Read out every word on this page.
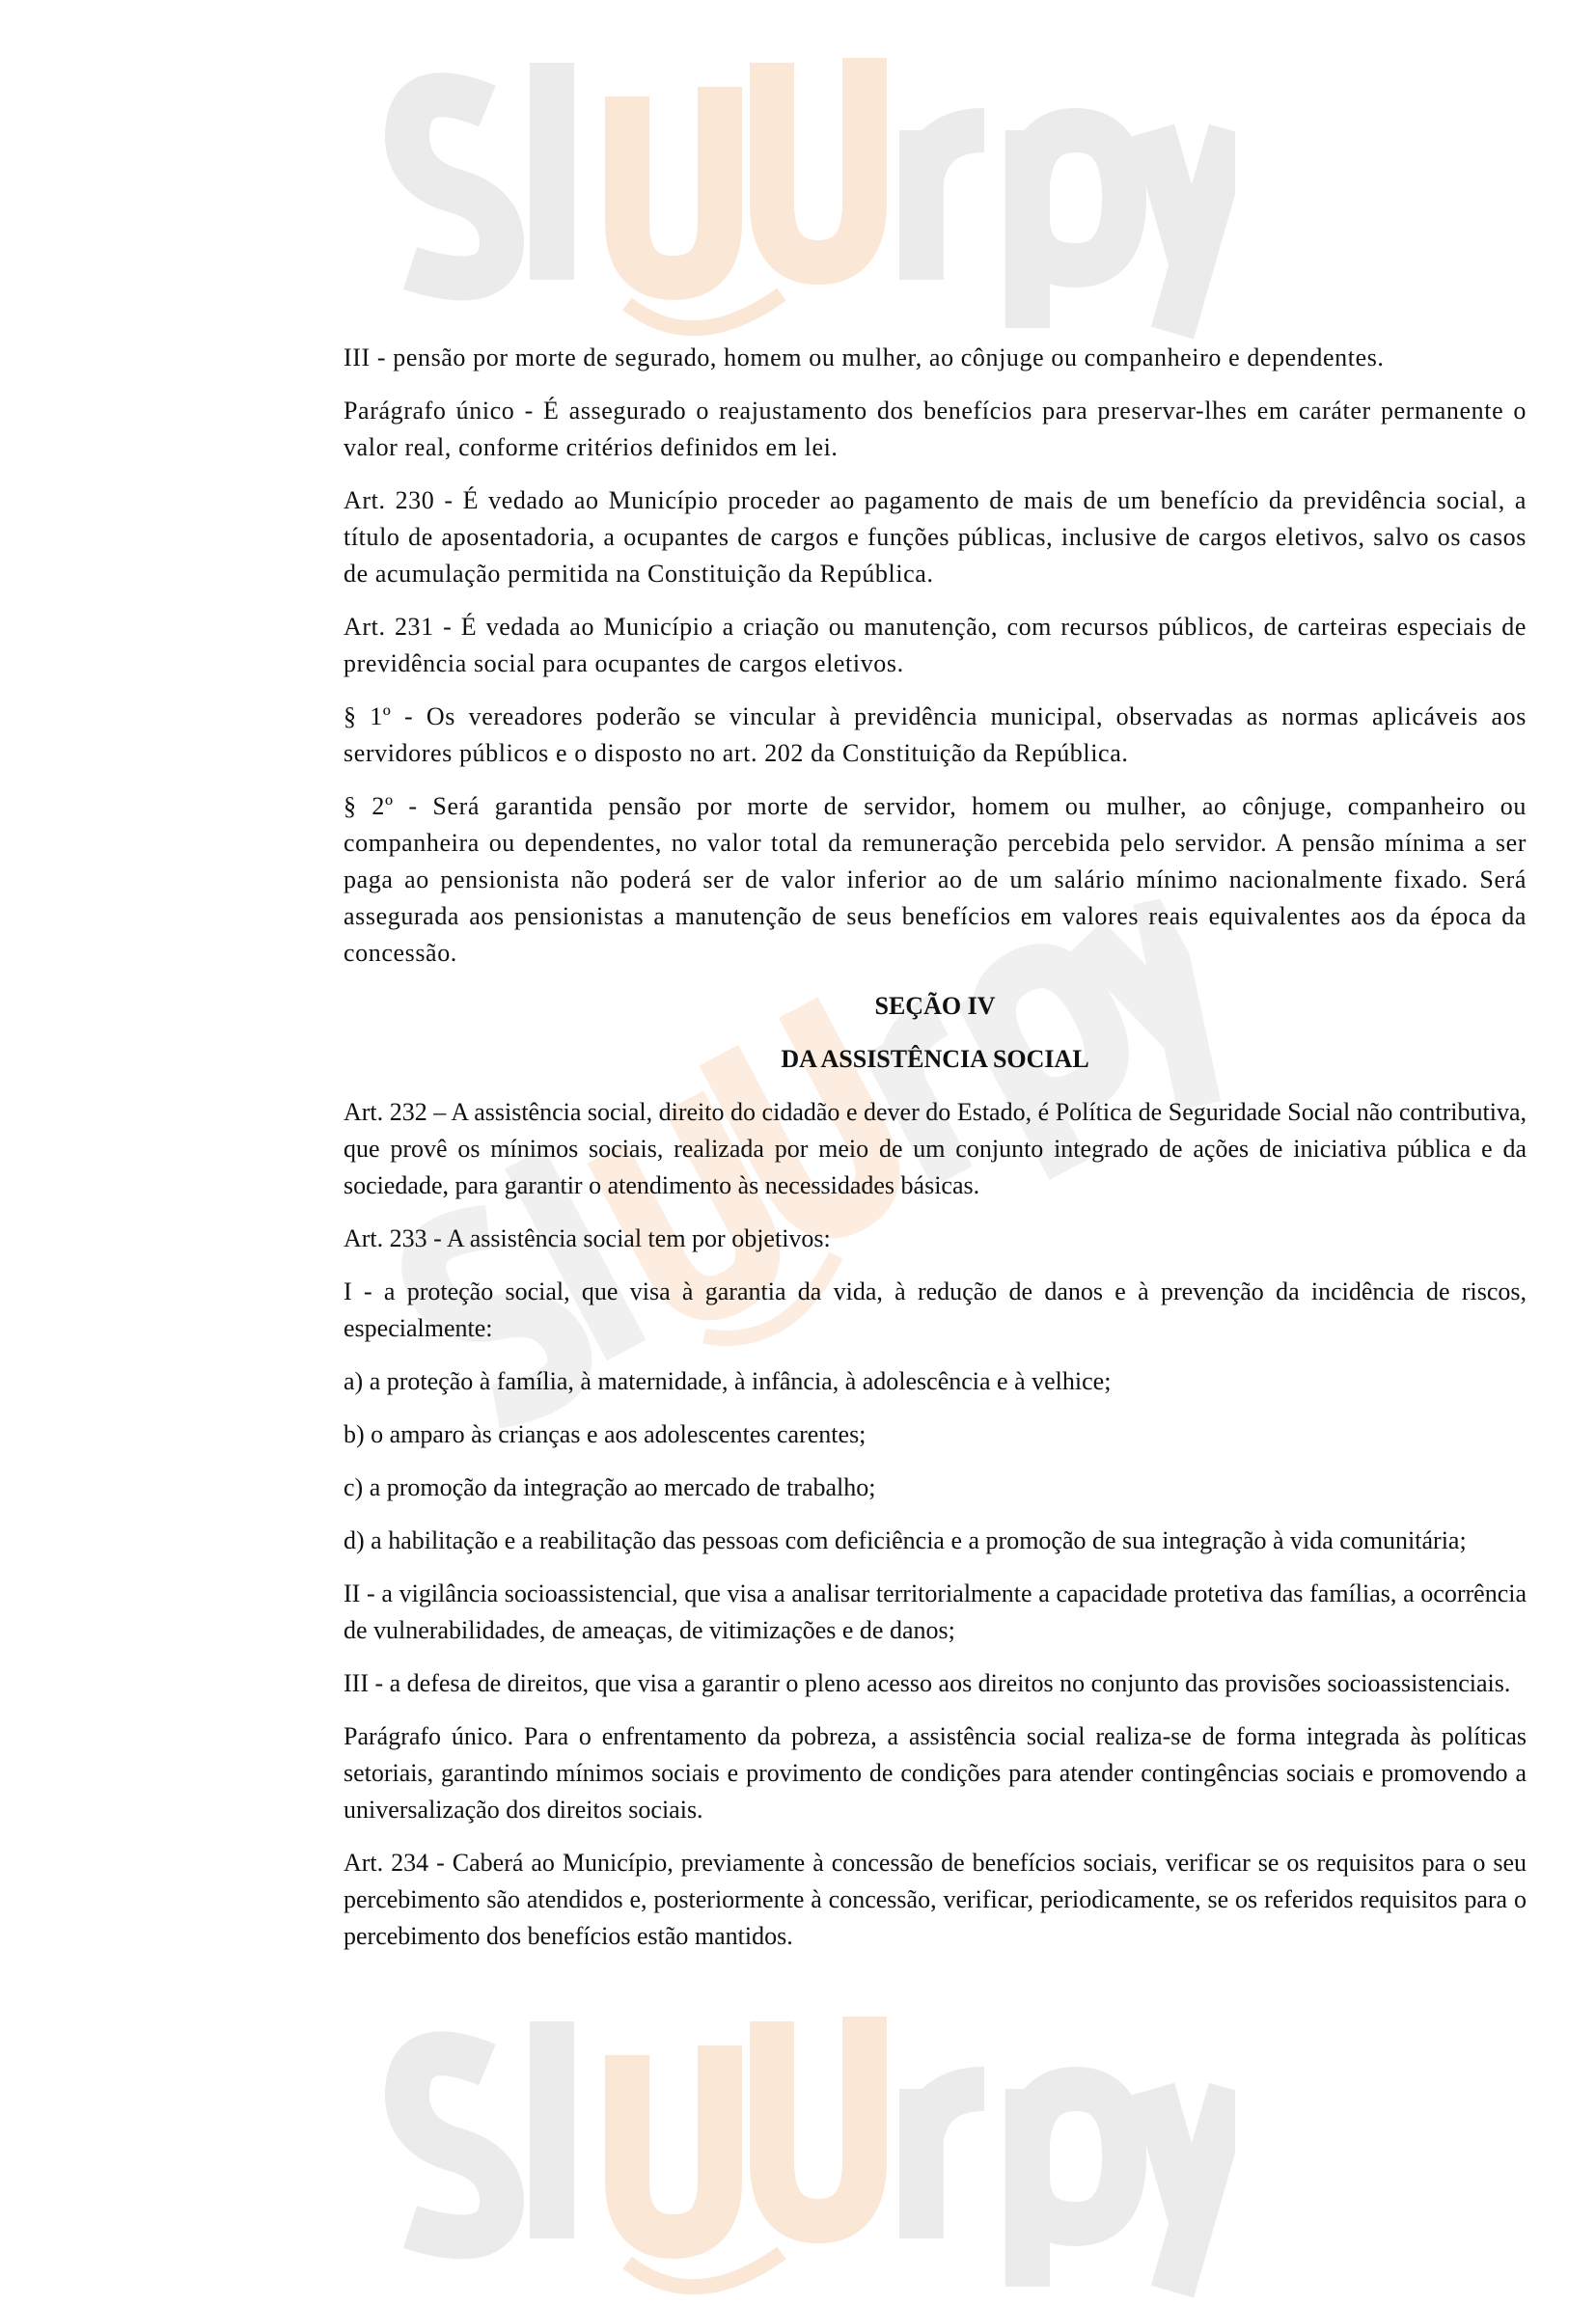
III - pensão por morte de segurado, homem ou mulher, ao cônjuge ou companheiro e dependentes.

Parágrafo único - É assegurado o reajustamento dos benefícios para preservar-lhes em caráter permanente o valor real, conforme critérios definidos em lei.

Art. 230 - É vedado ao Município proceder ao pagamento de mais de um benefício da previdência social, a título de aposentadoria, a ocupantes de cargos e funções públicas, inclusive de cargos eletivos, salvo os casos de acumulação permitida na Constituição da República.

Art. 231 - É vedada ao Município a criação ou manutenção, com recursos públicos, de carteiras especiais de previdência social para ocupantes de cargos eletivos.

§ 1º - Os vereadores poderão se vincular à previdência municipal, observadas as normas aplicáveis aos servidores públicos e o disposto no art. 202 da Constituição da República.

§ 2º - Será garantida pensão por morte de servidor, homem ou mulher, ao cônjuge, companheiro ou companheira ou dependentes, no valor total da remuneração percebida pelo servidor. A pensão mínima a ser paga ao pensionista não poderá ser de valor inferior ao de um salário mínimo nacionalmente fixado. Será assegurada aos pensionistas a manutenção de seus benefícios em valores reais equivalentes aos da época da concessão.

SEÇÃO IV
DA ASSISTÊNCIA SOCIAL

Art. 232 – A assistência social, direito do cidadão e dever do Estado, é Política de Seguridade Social não contributiva, que provê os mínimos sociais, realizada por meio de um conjunto integrado de ações de iniciativa pública e da sociedade, para garantir o atendimento às necessidades básicas.

Art. 233 - A assistência social tem por objetivos:

I - a proteção social, que visa à garantia da vida, à redução de danos e à prevenção da incidência de riscos, especialmente:

a) a proteção à família, à maternidade, à infância, à adolescência e à velhice;

b) o amparo às crianças e aos adolescentes carentes;

c) a promoção da integração ao mercado de trabalho;

d) a habilitação e a reabilitação das pessoas com deficiência e a promoção de sua integração à vida comunitária;

II - a vigilância socioassistencial, que visa a analisar territorialmente a capacidade protetiva das famílias, a ocorrência de vulnerabilidades, de ameaças, de vitimizações e de danos;

III - a defesa de direitos, que visa a garantir o pleno acesso aos direitos no conjunto das provisões socioassistenciais.

Parágrafo único. Para o enfrentamento da pobreza, a assistência social realiza-se de forma integrada às políticas setoriais, garantindo mínimos sociais e provimento de condições para atender contingências sociais e promovendo a universalização dos direitos sociais.

Art. 234 - Caberá ao Município, previamente à concessão de benefícios sociais, verificar se os requisitos para o seu percebimento são atendidos e, posteriormente à concessão, verificar, periodicamente, se os referidos requisitos para o percebimento dos benefícios estão mantidos.
